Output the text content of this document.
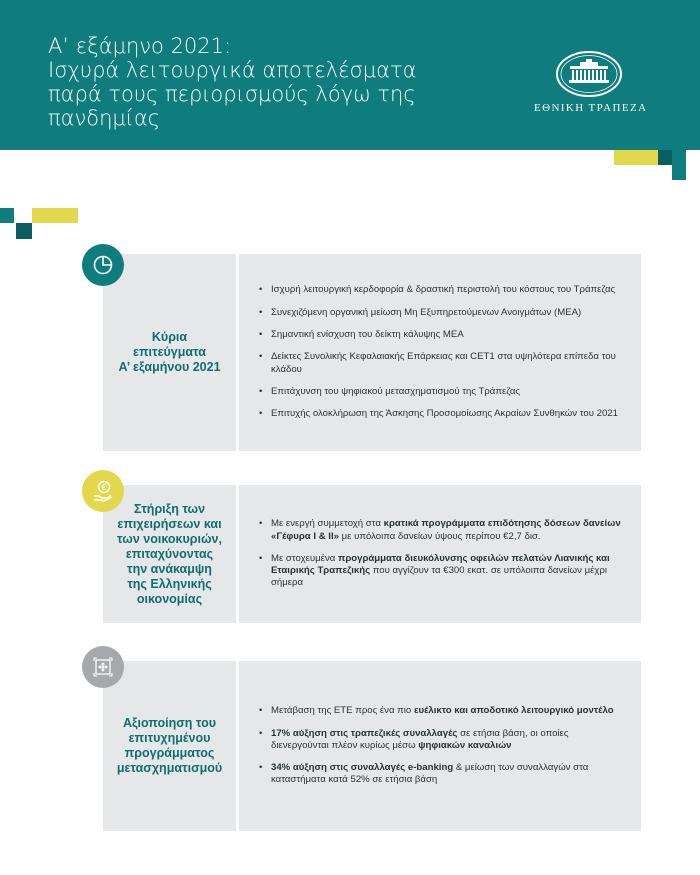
Α’ εξάμηνο 2021:
Ισχυρά λειτουργικά αποτελέσματα
παρά τους περιορισμούς λόγω της
πανδημίας	ΕΘΝΙΚΗ ΤΡΑΠΕΖΑ
Κύρια
επιτεύγματα
Α’ εξαμήνου 2021
• Ισχυρή λειτουργική κερδοφορία & δραστική περιστολή του κόστους του Τράπεζας
• Συνεχιζόμενη οργανική μείωση Μη Εξυπηρετούμενων Ανοιγμάτων (ΜΕΑ)
• Σημαντική ενίσχυση του δείκτη κάλυψης ΜΕΑ
• Δείκτες Συνολικής Κεφαλαιακής Επάρκειας και CET1 στα υψηλότερα επίπεδα του κλάδου
• Επιτάχυνση του ψηφιακού μετασχηματισμού της Τράπεζας
• Επιτυχής ολοκλήρωση της Άσκησης Προσομοίωσης Ακραίων Συνθηκών του 2021
Στήριξη των
επιχειρήσεων και
των νοικοκυριών,
επιταχύνοντας
την ανάκαμψη
της Ελληνικής
οικονομίας
• Με ενεργή συμμετοχή στα κρατικά προγράμματα επιδότησης δόσεων δανείων «Γέφυρα I & II» με υπόλοιπα δανείων ύψους περίπου €2,7 δισ.
• Με στοχευμένα προγράμματα διευκόλυνσης οφειλών πελατών Λιανικής και Εταιρικής Τραπεζικής που αγγίζουν τα €300 εκατ. σε υπόλοιπα δανείων μέχρι σήμερα
€
Αξιοποίηση του
επιτυχημένου
προγράμματος
μετασχηματισμού
• Μετάβαση της ΕΤΕ προς ένα πιο ευέλικτο και αποδοτικό λειτουργικό μοντέλο
• 17% αύξηση στις τραπεζικές συναλλαγές σε ετήσια βάση, οι οποίες διενεργούνται πλέον κυρίως μέσω ψηφιακών καναλιών
• 34% αύξηση στις συναλλαγές e-banking & μείωση των συναλλαγών στα καταστήματα κατά 52% σε ετήσια βάση
